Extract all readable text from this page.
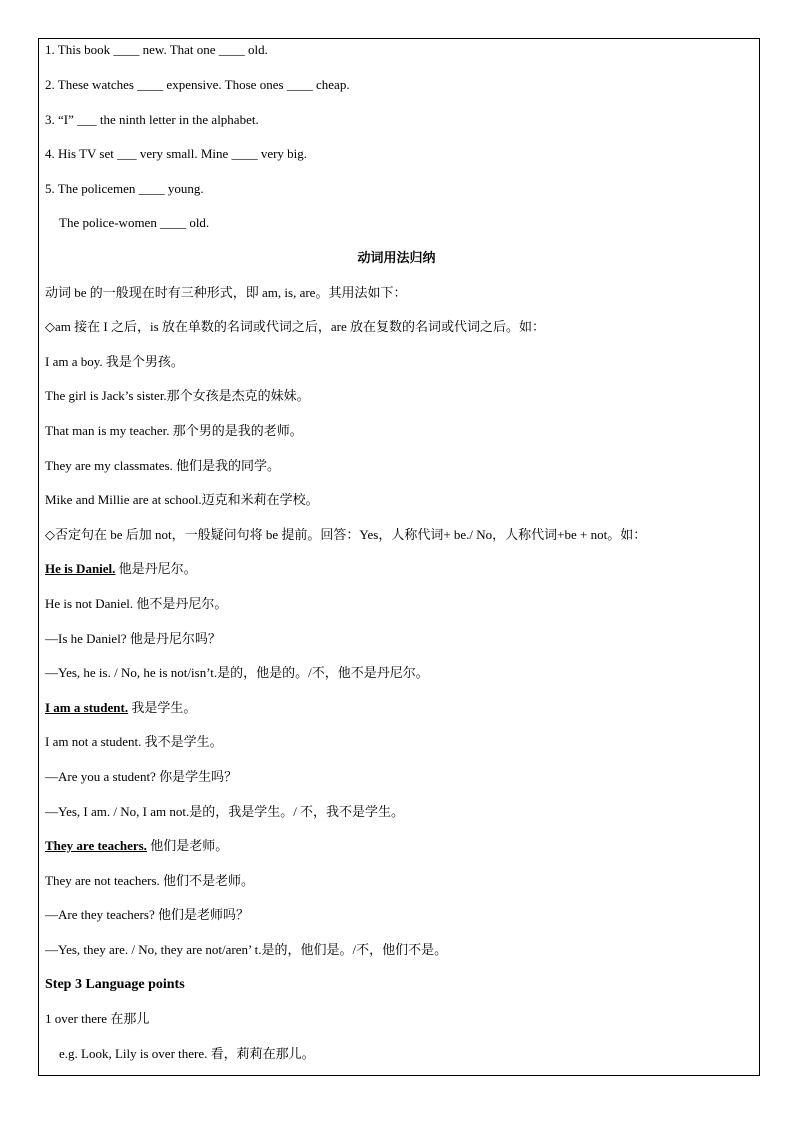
1. This book ____ new. That one ____ old.
2. These watches ____ expensive. Those ones ____ cheap.
3. “I” ___ the ninth letter in the alphabet.
4. His TV set ___ very small. Mine ____ very big.
5. The policemen ____ young.
The police-women ____ old.
动词用法归纳
动词 be 的一般现在时有三种形式，即 am, is, are。其用法如下：
◇am 接在 I 之后，is 放在单数的名词或代词之后，are 放在复数的名词或代词之后。如：
I am a boy. 我是个男孩。
The girl is Jack’s sister.那个女孩是杰克的妹妹。
That man is my teacher. 那个男的是我的老师。
They are my classmates. 他们是我的同学。
Mike and Millie are at school.迈克和米莉在学校。
◇否定句在 be 后加 not，一般疑问句将 be 提前。回答：Yes，人称代词+ be./ No，人称代词+be + not。如：
He is Daniel. 他是丹尼尔。
He is not Daniel. 他不是丹尼尔。
—Is he Daniel? 他是丹尼尔吗？
—Yes, he is. / No, he is not/isn’t.是的，他是的。/不，他不是丹尼尔。
I am a student. 我是学生。
I am not a student. 我不是学生。
—Are you a student? 你是学生吗？
—Yes, I am. / No, I am not.是的，我是学生。/ 不，我不是学生。
They are teachers. 他们是老师。
They are not teachers. 他们不是老师。
—Are they teachers? 他们是老师吗？
—Yes, they are. / No, they are not/aren’ t.是的，他们是。/不，他们不是。
Step 3 Language points
1 over there 在那儿
e.g. Look, Lily is over there. 看，莉莉在那儿。
